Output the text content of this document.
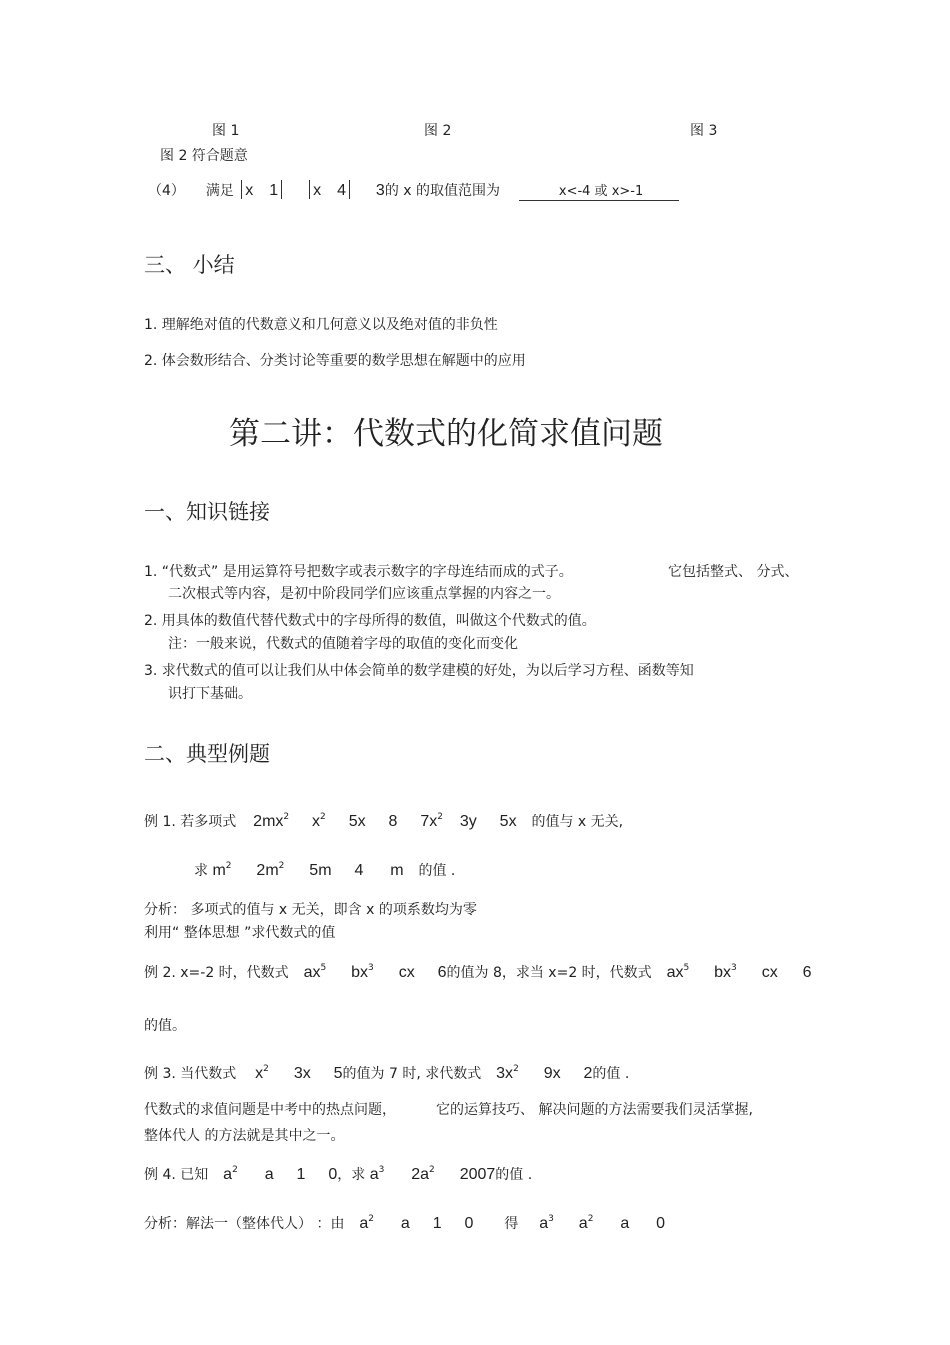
图 1	图 2	图 3
图 2 符合题意
（4） 满足 x 1 x 4 3的 x 的取值范围为	x<-4 或 x>-1
三、 小结
1. 理解绝对值的代数意义和几何意义以及绝对值的非负性
2. 体会数形结合、分类讨论等重要的数学思想在解题中的应用
第二讲：代数式的化简求值问题
一、知识链接
1. “代数式” 是用运算符号把数字或表示数字的字母连结而成的式子。	它包括整式、 分式、
二次根式等内容，是初中阶段同学们应该重点掌握的内容之一。
2. 用具体的数值代替代数式中的字母所得的数值，叫做这个代数式的值。
注：一般来说，代数式的值随着字母的取值的变化而变化
3. 求代数式的值可以让我们从中体会简单的数学建模的好处，为以后学习方程、函数等知
识打下基础。
二、典型例题
例 1. 若多项式 $2mx^2$ $x^2$ 5x 8 $7x^2$ 3y 5x 的值与 x 无关,
求 $m^2$ $2m^2$ 5m 4 m 的值 .
分析： 多项式的值与 x 无关，即含 x 的项系数均为零
利用“ 整体思想 ”求代数式的值
例 2. x=-2 时，代数式 $ax^5$ $bx^3$ cx 6的值为 8，求当 x=2 时，代数式 $ax^5$ $bx^3$ cx 6
的值。
例 3. 当代数式 $x^2$ 3x 5的值为 7 时, 求代数式 $3x^2$ 9x 2的值 .
代数式的求值问题是中考中的热点问题，	它的运算技巧、 解决问题的方法需要我们灵活掌握,
整体代人 的方法就是其中之一。
例 4. 已知 $a^2$ a 1 0，求 $a^3$ $2a^2$ 2007的值 .
分析：解法一（整体代人） ：由 $a^2$ a 1 0 得 $a^3$ $a^2$ a 0
